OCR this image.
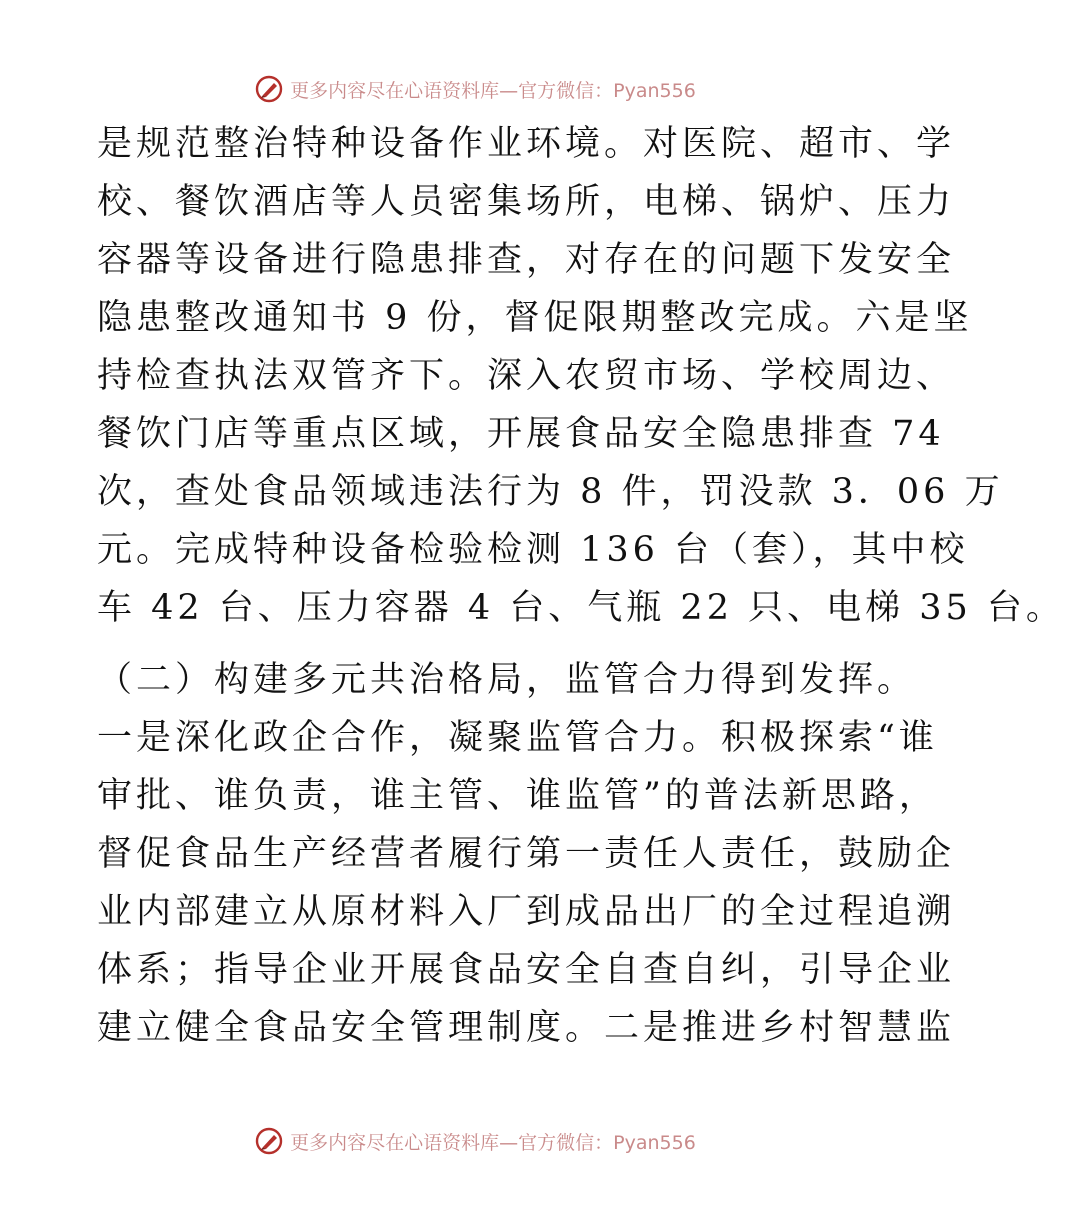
更多内容尽在心语资料库—官方微信：Pyan556
是规范整治特种设备作业环境。对医院、超市、学
校、餐饮酒店等人员密集场所，电梯、锅炉、压力
容器等设备进行隐患排查，对存在的问题下发安全
隐患整改通知书 9 份，督促限期整改完成。六是坚
持检查执法双管齐下。深入农贸市场、学校周边、
餐饮门店等重点区域，开展食品安全隐患排查 74
次，查处食品领域违法行为 8 件，罚没款 3．06 万
元。完成特种设备检验检测 136 台（套），其中校
车 42 台、压力容器 4 台、气瓶 22 只、电梯 35 台。
（二）构建多元共治格局，监管合力得到发挥。
一是深化政企合作，凝聚监管合力。积极探索“谁
审批、谁负责，谁主管、谁监管”的普法新思路，
督促食品生产经营者履行第一责任人责任，鼓励企
业内部建立从原材料入厂到成品出厂的全过程追溯
体系；指导企业开展食品安全自查自纠，引导企业
建立健全食品安全管理制度。二是推进乡村智慧监
更多内容尽在心语资料库—官方微信：Pyan556
